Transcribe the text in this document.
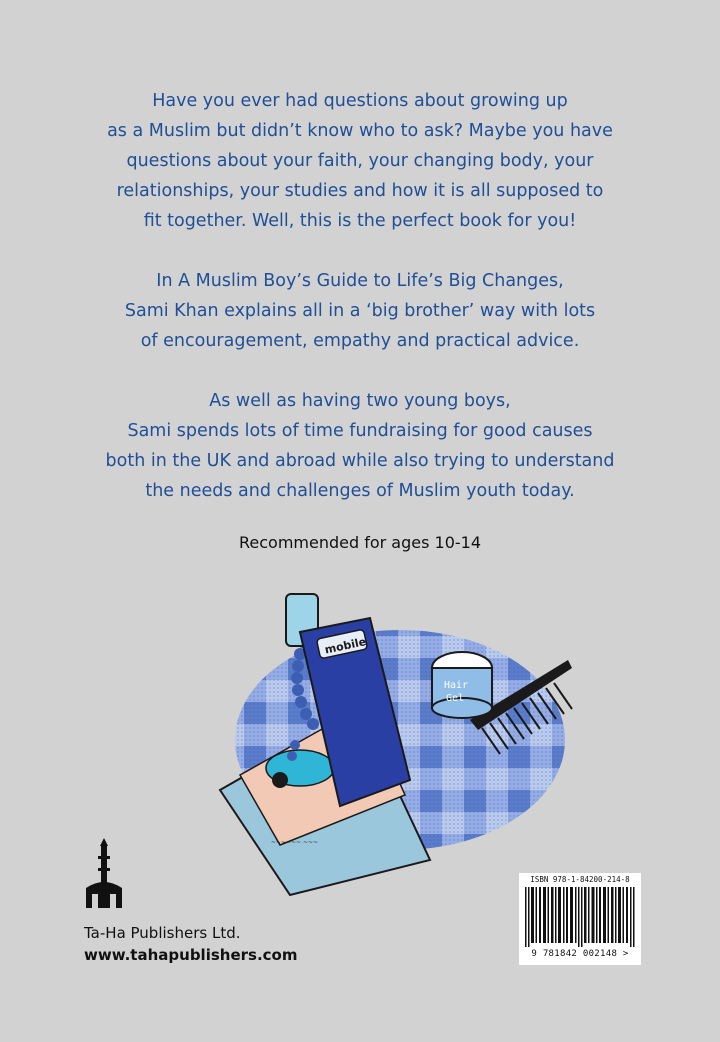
Have you ever had questions about growing up
as a Muslim but didn’t know who to ask? Maybe you have
questions about your faith, your changing body, your
relationships, your studies and how it is all supposed to
fit together. Well, this is the perfect book for you!

In A Muslim Boy’s Guide to Life’s Big Changes,
Sami Khan explains all in a ‘big brother’ way with lots
of encouragement, empathy and practical advice.

As well as having two young boys,
Sami spends lots of time fundraising for good causes
both in the UK and abroad while also trying to understand
the needs and challenges of Muslim youth today.

Recommended for ages 10-14
~~~ ~~~~~~
mobile
Hair
Gel
Ta-Ha Publishers Ltd.
www.tahapublishers.com
ISBN 978-1-84200-214-8
9 781842 002148 >
